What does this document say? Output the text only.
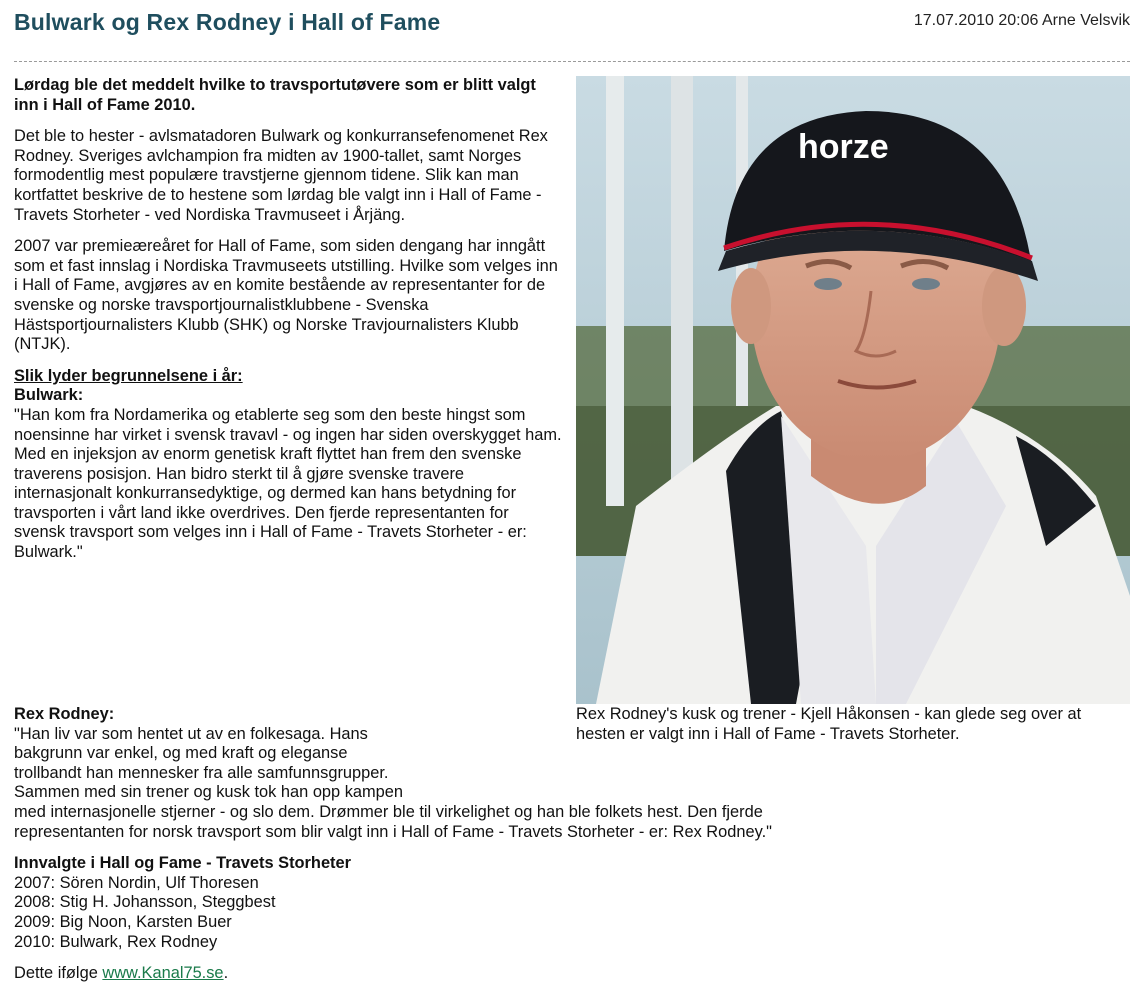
Bulwark og Rex Rodney i Hall of Fame	17.07.2010 20:06 Arne Velsvik

Lørdag ble det meddelt hvilke to travsportutøvere som er blitt valgt inn i Hall of Fame 2010.

Det ble to hester - avlsmatadoren Bulwark og konkurransefenomenet Rex Rodney. Sveriges avlchampion fra midten av 1900-tallet, samt Norges formodentlig mest populære travstjerne gjennom tidene. Slik kan man kortfattet beskrive de to hestene som lørdag ble valgt inn i Hall of Fame - Travets Storheter - ved Nordiska Travmuseet i Årjäng.

2007 var premieæreåret for Hall of Fame, som siden dengang har inngått som et fast innslag i Nordiska Travmuseets utstilling. Hvilke som velges inn i Hall of Fame, avgjøres av en komite bestående av representanter for de svenske og norske travsportjournalistklubbene - Svenska Hästsportjournalisters Klubb (SHK) og Norske Travjournalisters Klubb (NTJK).

Slik lyder begrunnelsene i år:
Bulwark:

"Han kom fra Nordamerika og etablerte seg som den beste hingst som noensinne har virket i svensk travavl - og ingen har siden overskygget ham. Med en injeksjon av enorm genetisk kraft flyttet han frem den svenske traverens posisjon. Han bidro sterkt til å gjøre svenske travere internasjonalt konkurransedyktige, og dermed kan hans betydning for travsporten i vårt land ikke overdrives. Den fjerde representanten for svensk travsport som velges inn i Hall of Fame - Travets Storheter - er: Bulwark."

horze
Rex Rodney's kusk og trener - Kjell Håkonsen - kan glede seg over at hesten er valgt inn i Hall of Fame - Travets Storheter.
Rex Rodney:

"Han liv var som hentet ut av en folkesaga. Hans
bakgrunn var enkel, og med kraft og eleganse
trollbandt han mennesker fra alle samfunnsgrupper.
Sammen med sin trener og kusk tok han opp kampen
med internasjonelle stjerner - og slo dem. Drømmer ble til virkelighet og han ble folkets hest. Den fjerde
representanten for norsk travsport som blir valgt inn i Hall of Fame - Travets Storheter - er: Rex Rodney."

Innvalgte i Hall og Fame - Travets Storheter
2007: Sören Nordin, Ulf Thoresen
2008: Stig H. Johansson, Steggbest
2009: Big Noon, Karsten Buer
2010: Bulwark, Rex Rodney
Dette ifølge www.Kanal75.se.
